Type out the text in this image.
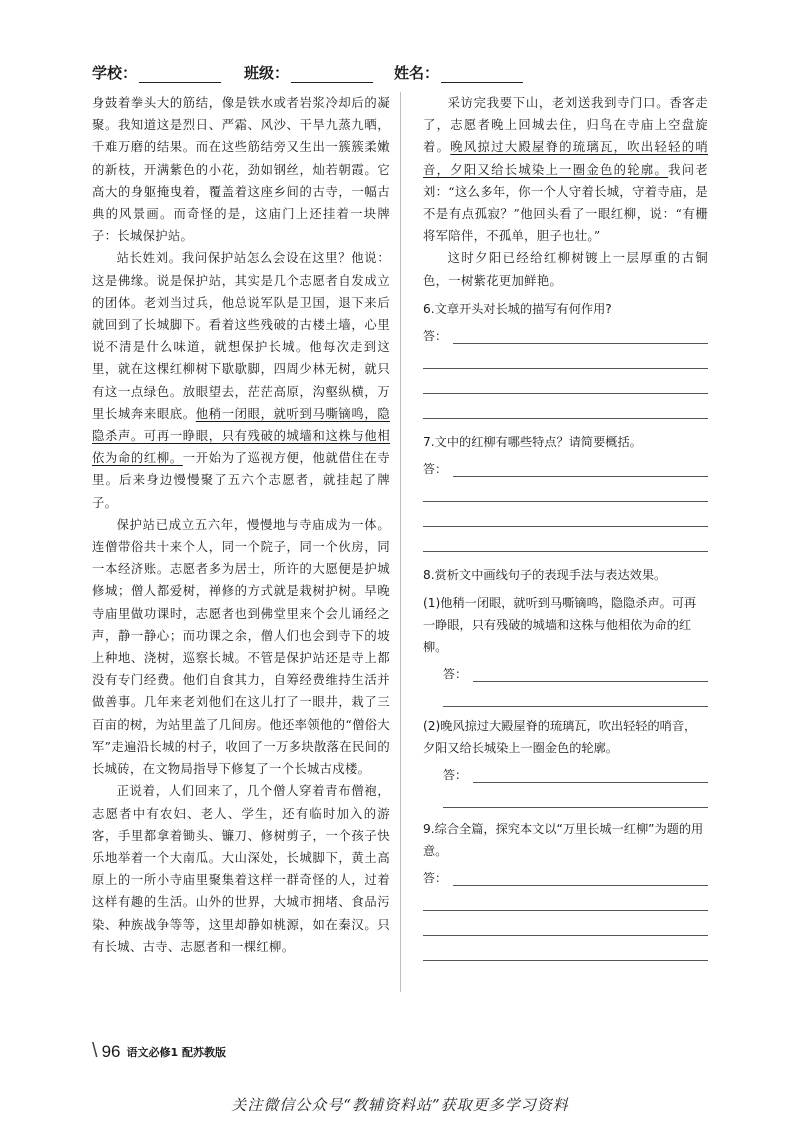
学校：	班级：	姓名：

身鼓着拳头大的筋结，像是铁水或者岩浆冷却后的凝聚。我知道这是烈日、严霜、风沙、干旱九蒸九晒，千难万磨的结果。而在这些筋结旁又生出一簇簇柔嫩的新枝，开满紫色的小花，劲如钢丝，灿若朝霞。它高大的身躯掩曳着，覆盖着这座乡间的古寺，一幅古典的风景画。而奇怪的是，这庙门上还挂着一块牌子：长城保护站。

站长姓刘。我问保护站怎么会设在这里？他说：这是佛缘。说是保护站，其实是几个志愿者自发成立的团体。老刘当过兵，他总说军队是卫国，退下来后就回到了长城脚下。看着这些残破的古楼土墙，心里说不清是什么味道，就想保护长城。他每次走到这里，就在这棵红柳树下歇歇脚，四周少林无树，就只有这一点绿色。放眼望去，茫茫高原，沟壑纵横，万里长城奔来眼底。他稍一闭眼，就听到马嘶镝鸣，隐隐杀声。可再一睁眼，只有残破的城墙和这株与他相依为命的红柳。一开始为了巡视方便，他就借住在寺里。后来身边慢慢聚了五六个志愿者，就挂起了牌子。

保护站已成立五六年，慢慢地与寺庙成为一体。连僧带俗共十来个人，同一个院子，同一个伙房，同一本经济账。志愿者多为居士，所许的大愿便是护城修城；僧人都爱树，禅修的方式就是栽树护树。早晚寺庙里做功课时，志愿者也到佛堂里来个会儿诵经之声，静一静心；而功课之余，僧人们也会到寺下的坡上种地、浇树，巡察长城。不管是保护站还是寺上都没有专门经费。他们自食其力，自筹经费维持生活并做善事。几年来老刘他们在这儿打了一眼井，栽了三百亩的树，为站里盖了几间房。他还率领他的“僧俗大军”走遍沿长城的村子，收回了一万多块散落在民间的长城砖，在文物局指导下修复了一个长城古戍楼。

正说着，人们回来了，几个僧人穿着青布僧袍，志愿者中有农妇、老人、学生，还有临时加入的游客，手里都拿着锄头、镰刀、修树剪子，一个孩子快乐地举着一个大南瓜。大山深处，长城脚下，黄土高原上的一所小寺庙里聚集着这样一群奇怪的人，过着这样有趣的生活。山外的世界，大城市拥堵、食品污染、种族战争等等，这里却静如桃源，如在秦汉。只有长城、古寺、志愿者和一棵红柳。

采访完我要下山，老刘送我到寺门口。香客走了，志愿者晚上回城去住，归鸟在寺庙上空盘旋着。晚风掠过大殿屋脊的琉璃瓦，吹出轻轻的哨音，夕阳又给长城染上一圈金色的轮廓。我问老刘：“这么多年，你一个人守着长城，守着寺庙，是不是有点孤寂？”他回头看了一眼红柳，说：“有栅将军陪伴，不孤单，胆子也壮。”

这时夕阳已经给红柳树镀上一层厚重的古铜色，一树紫花更加鲜艳。

6.文章开头对长城的描写有何作用?

答：

7.文中的红柳有哪些特点？请简要概括。

答：

8.赏析文中画线句子的表现手法与表达效果。

(1)他稍一闭眼，就听到马嘶镝鸣，隐隐杀声。可再一睁眼，只有残破的城墙和这株与他相依为命的红柳。

答：

(2)晚风掠过大殿屋脊的琉璃瓦，吹出轻轻的哨音，夕阳又给长城染上一圈金色的轮廓。

答：

9.综合全篇，探究本文以“万里长城一红柳”为题的用意。

答：
\ 96 语文必修1 配苏教版
关注微信公众号“教辅资料站”获取更多学习资料
